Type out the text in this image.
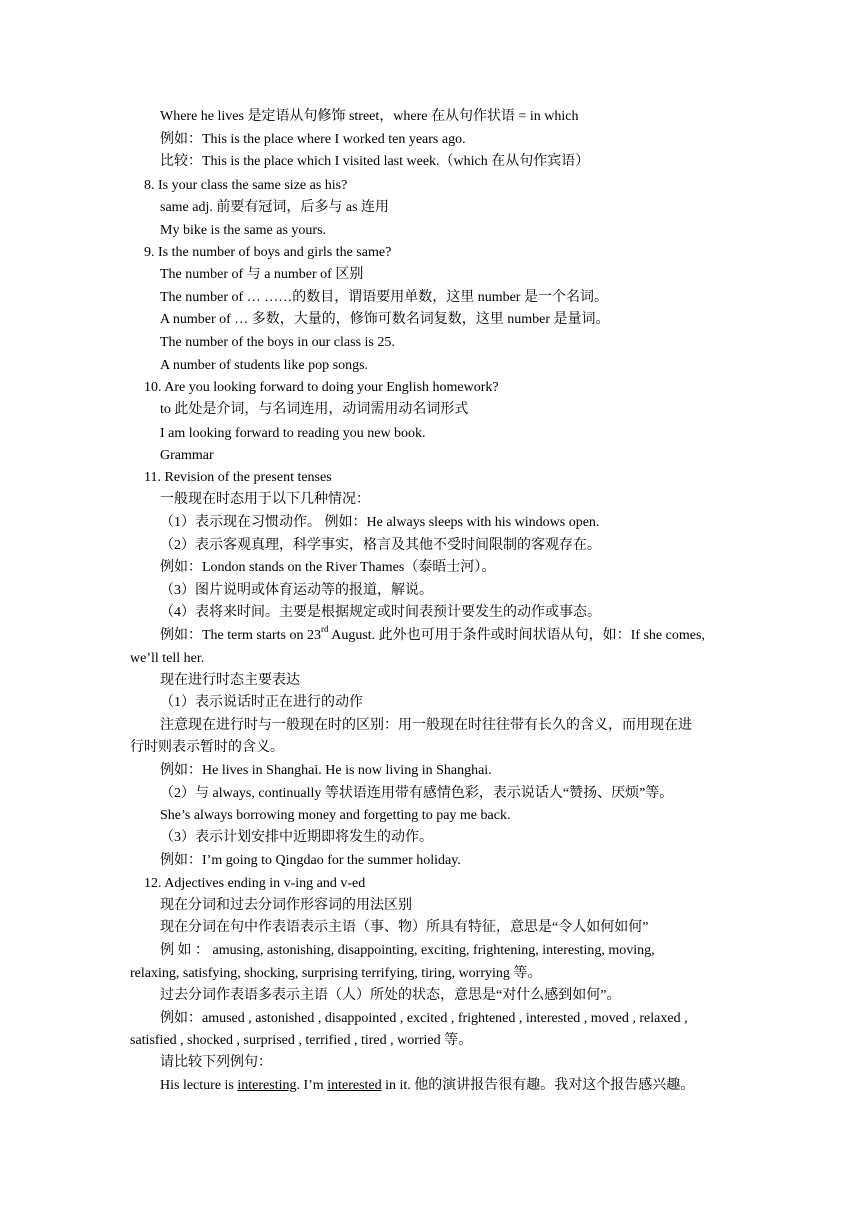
Where he lives 是定语从句修饰 street，where 在从句作状语 = in which
例如：This is the place where I worked ten years ago.
比较：This is the place which I visited last week.（which 在从句作宾语）
8. Is your class the same size as his?
same adj. 前要有冠词，后多与 as 连用
My bike is the same as yours.
9. Is the number of boys and girls the same?
The number of 与 a number of 区别
The number of … ……的数目，谓语要用单数，这里 number 是一个名词。
A number of … 多数，大量的，修饰可数名词复数，这里 number 是量词。
The number of the boys in our class is 25.
A number of students like pop songs.
10. Are you looking forward to doing your English homework?
to 此处是介词，与名词连用，动词需用动名词形式
I am looking forward to reading you new book.
Grammar
11. Revision of the present tenses
一般现在时态用于以下几种情况：
（1）表示现在习惯动作。 例如：He always sleeps with his windows open.
（2）表示客观真理，科学事实，格言及其他不受时间限制的客观存在。
例如：London stands on the River Thames（泰晤士河）。
（3）图片说明或体育运动等的报道，解说。
（4）表将来时间。主要是根据规定或时间表预计要发生的动作或事态。
例如：The term starts on 23rd August. 此外也可用于条件或时间状语从句，如：If she comes,
we’ll tell her.
现在进行时态主要表达
（1）表示说话时正在进行的动作
注意现在进行时与一般现在时的区别：用一般现在时往往带有长久的含义，而用现在进
行时则表示暂时的含义。
例如：He lives in Shanghai. He is now living in Shanghai.
（2）与 always, continually 等状语连用带有感情色彩，表示说话人“赞扬、厌烦”等。
She’s always borrowing money and forgetting to pay me back.
（3）表示计划安排中近期即将发生的动作。
例如：I’m going to Qingdao for the summer holiday.
12. Adjectives ending in v-ing and v-ed
现在分词和过去分词作形容词的用法区别
现在分词在句中作表语表示主语（事、物）所具有特征，意思是“令人如何如何”
例 如 ： amusing, astonishing, disappointing, exciting, frightening, interesting, moving,
relaxing, satisfying, shocking, surprising terrifying, tiring, worrying 等。
过去分词作表语多表示主语（人）所处的状态，意思是“对什么感到如何”。
例如：amused , astonished , disappointed , excited , frightened , interested , moved , relaxed ,
satisfied , shocked , surprised , terrified , tired , worried 等。
请比较下列例句：
His lecture is interesting. I’m interested in it. 他的演讲报告很有趣。我对这个报告感兴趣。
